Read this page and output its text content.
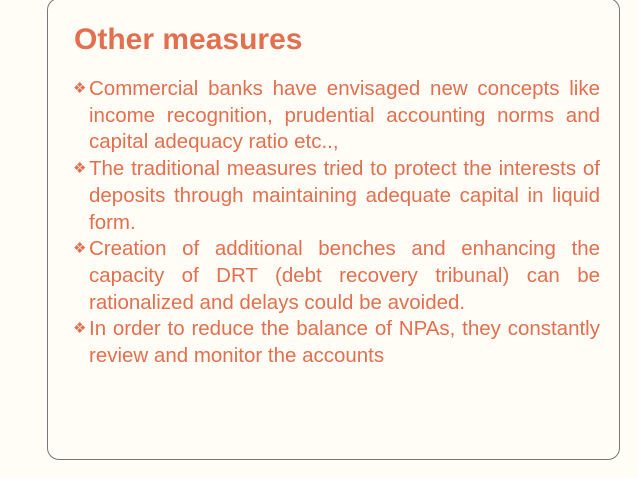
Other measures
❖ Commercial banks have envisaged new concepts like income recognition, prudential accounting norms and capital adequacy ratio etc..,
❖ The traditional measures tried to protect the interests of deposits through maintaining adequate capital in liquid form.
❖ Creation of additional benches and enhancing the capacity of DRT (debt recovery tribunal) can be rationalized and delays could be avoided.
❖ In order to reduce the balance of NPAs, they constantly review and monitor the accounts
